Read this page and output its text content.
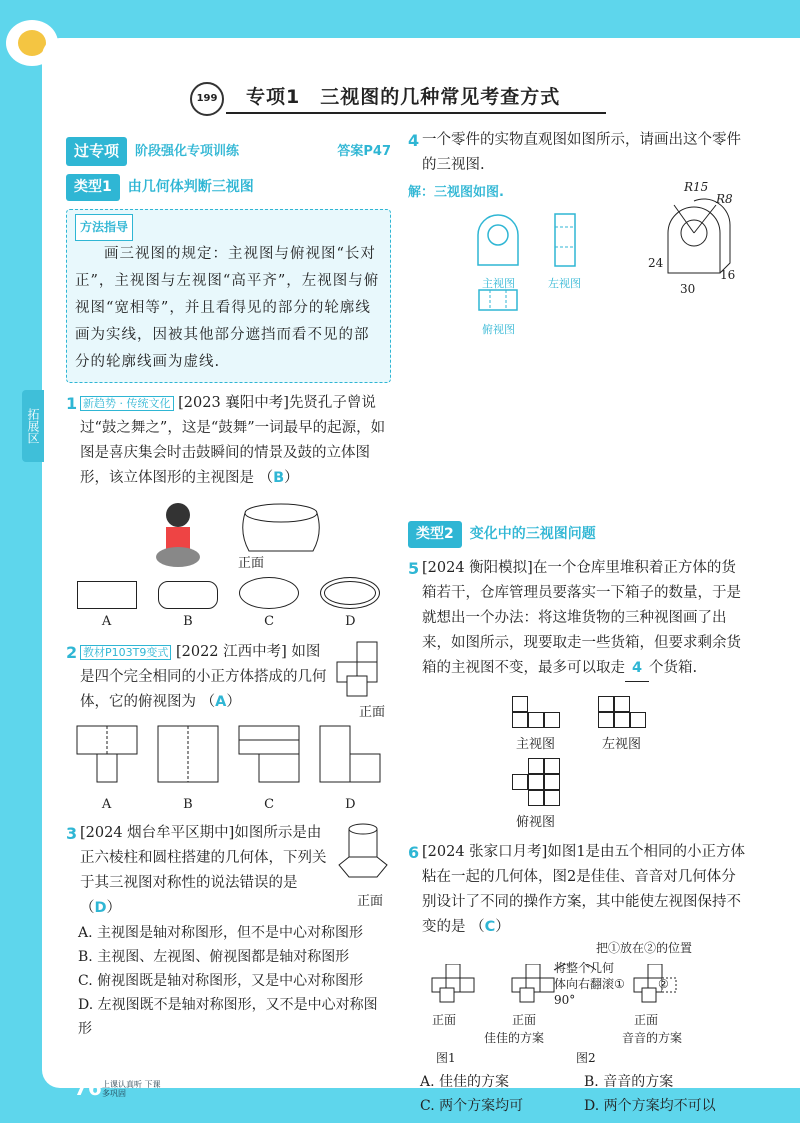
拓展区
199	专项1　三视图的几种常见考查方式
过专项	阶段强化专项训练	答案P47
类型1	由几何体判断三视图
方法指导
画三视图的规定：主视图与俯视图“长对正”，主视图与左视图“高平齐”，左视图与俯视图“宽相等”，并且看得见的部分的轮廓线画为实线，因被其他部分遮挡而看不见的部分的轮廓线画为虚线.
1 新趋势 · 传统文化 [2023 襄阳中考]先贤孔子曾说过“鼓之舞之”，这是“鼓舞”一词最早的起源，如图是喜庆集会时击鼓瞬间的情景及鼓的立体图形，该立体图形的主视图是 （B）
正面
A	B	C	D
2 教材P103T9变式 [2022 江西中考] 如图是四个完全相同的小正方体搭成的几何体，它的俯视图为 （A）
正面
A	B	C	D
3 [2024 烟台牟平区期中]如图所示是由正六棱柱和圆柱搭建的几何体，下列关于其三视图对称性的说法错误的是 （D）	正面
A. 主视图是轴对称图形，但不是中心对称图形
B. 主视图、左视图、俯视图都是轴对称图形
C. 俯视图既是轴对称图形，又是中心对称图形
D. 左视图既不是轴对称图形，又不是中心对称图形
4 一个零件的实物直观图如图所示，请画出这个零件的三视图.
解：三视图如图.
主视图	左视图
俯视图
R15
R8
24
30
16
类型2	变化中的三视图问题
5 [2024 衡阳模拟]在一个仓库里堆积着正方体的货箱若干，仓库管理员要落实一下箱子的数量，于是就想出一个办法：将这堆货物的三种视图画了出来，如图所示，现要取走一些货箱，但要求剩余货箱的主视图不变，最多可以取走 4 个货箱.
主视图	左视图
俯视图
6 [2024 张家口月考]如图1是由五个相同的小正方体粘在一起的几何体，图2是佳佳、音音对几何体分别设计了不同的操作方案，其中能使左视图保持不变的是 （C）
把①放在②的位置
将整个几何体向右翻滚90°
①	②
正面	正面	正面
佳佳的方案	音音的方案
图1	图2
A. 佳佳的方案	B. 音音的方案
C. 两个方案均可	D. 两个方案均不可以
76 上课认真听 下课多巩固
